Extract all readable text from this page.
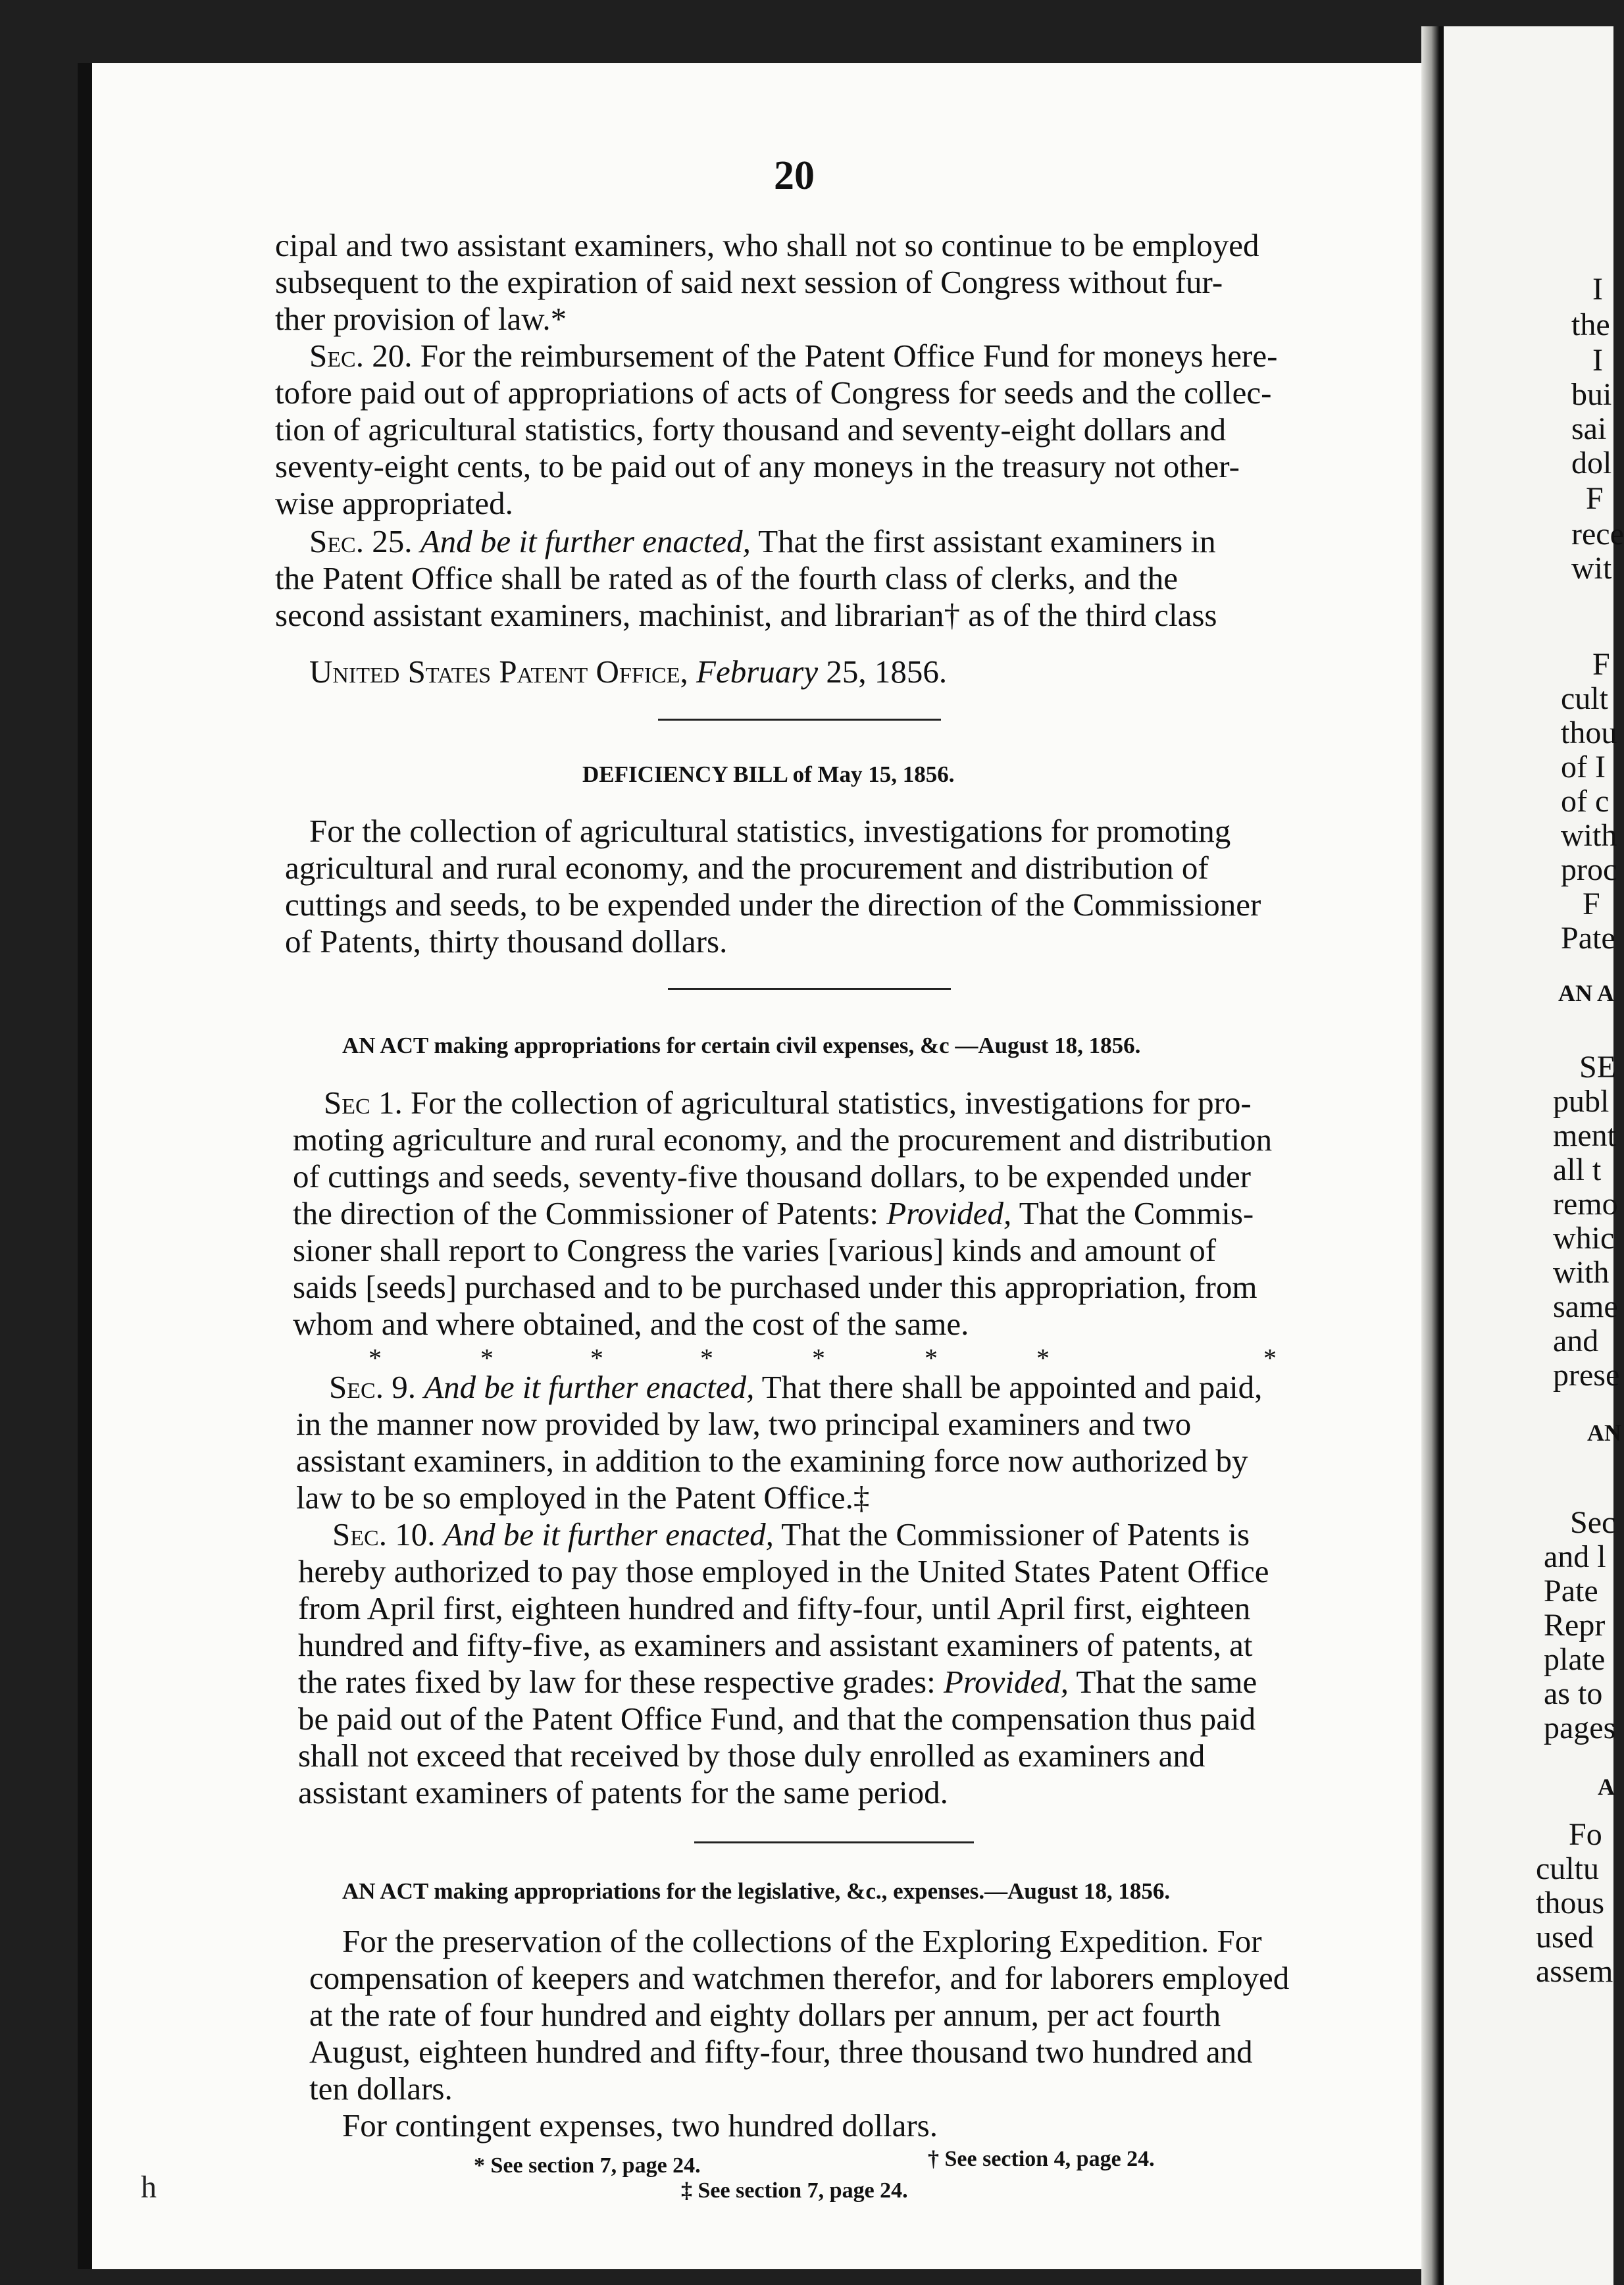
20
cipal and two assistant examiners, who shall not so continue to be employed
subsequent to the expiration of said next session of Congress without fur-
ther provision of law.*
Sec. 20. For the reimbursement of the Patent Office Fund for moneys here-
tofore paid out of appropriations of acts of Congress for seeds and the collec-
tion of agricultural statistics, forty thousand and seventy-eight dollars and
seventy-eight cents, to be paid out of any moneys in the treasury not other-
wise appropriated.
Sec. 25. And be it further enacted, That the first assistant examiners in
the Patent Office shall be rated as of the fourth class of clerks, and the
second assistant examiners, machinist, and librarian† as of the third class
United States Patent Office, February 25, 1856.
DEFICIENCY BILL of May 15, 1856.
For the collection of agricultural statistics, investigations for promoting
agricultural and rural economy, and the procurement and distribution of
cuttings and seeds, to be expended under the direction of the Commissioner
of Patents, thirty thousand dollars.
AN ACT making appropriations for certain civil expenses, &c —August 18, 1856.
Sec 1. For the collection of agricultural statistics, investigations for pro-
moting agriculture and rural economy, and the procurement and distribution
of cuttings and seeds, seventy-five thousand dollars, to be expended under
the direction of the Commissioner of Patents: Provided, That the Commis-
sioner shall report to Congress the varies [various] kinds and amount of
saids [seeds] purchased and to be purchased under this appropriation, from
whom and where obtained, and the cost of the same.
*	*	*	*	*	*	*	*
Sec. 9. And be it further enacted, That there shall be appointed and paid,
in the manner now provided by law, two principal examiners and two
assistant examiners, in addition to the examining force now authorized by
law to be so employed in the Patent Office.‡
Sec. 10. And be it further enacted, That the Commissioner of Patents is
hereby authorized to pay those employed in the United States Patent Office
from April first, eighteen hundred and fifty-four, until April first, eighteen
hundred and fifty-five, as examiners and assistant examiners of patents, at
the rates fixed by law for these respective grades: Provided, That the same
be paid out of the Patent Office Fund, and that the compensation thus paid
shall not exceed that received by those duly enrolled as examiners and
assistant examiners of patents for the same period.
AN ACT making appropriations for the legislative, &c., expenses.—August 18, 1856.
For the preservation of the collections of the Exploring Expedition. For
compensation of keepers and watchmen therefor, and for laborers employed
at the rate of four hundred and eighty dollars per annum, per act fourth
August, eighteen hundred and fifty-four, three thousand two hundred and
ten dollars.
For contingent expenses, two hundred dollars.
* See section 7, page 24.	† See section 4, page 24.
‡ See section 7, page 24.
h
I
the
I
bui
sai
dol
F
rece
wit
F
cult
thou
of I
of c
with
proc
F
Pate
AN A
SE
publ
ment
all t
remo
whic
with
same
and
prese
AN
Sec
and l
Pate
Repr
plate
as to
pages
A
Fo
cultu
thous
used
assem
